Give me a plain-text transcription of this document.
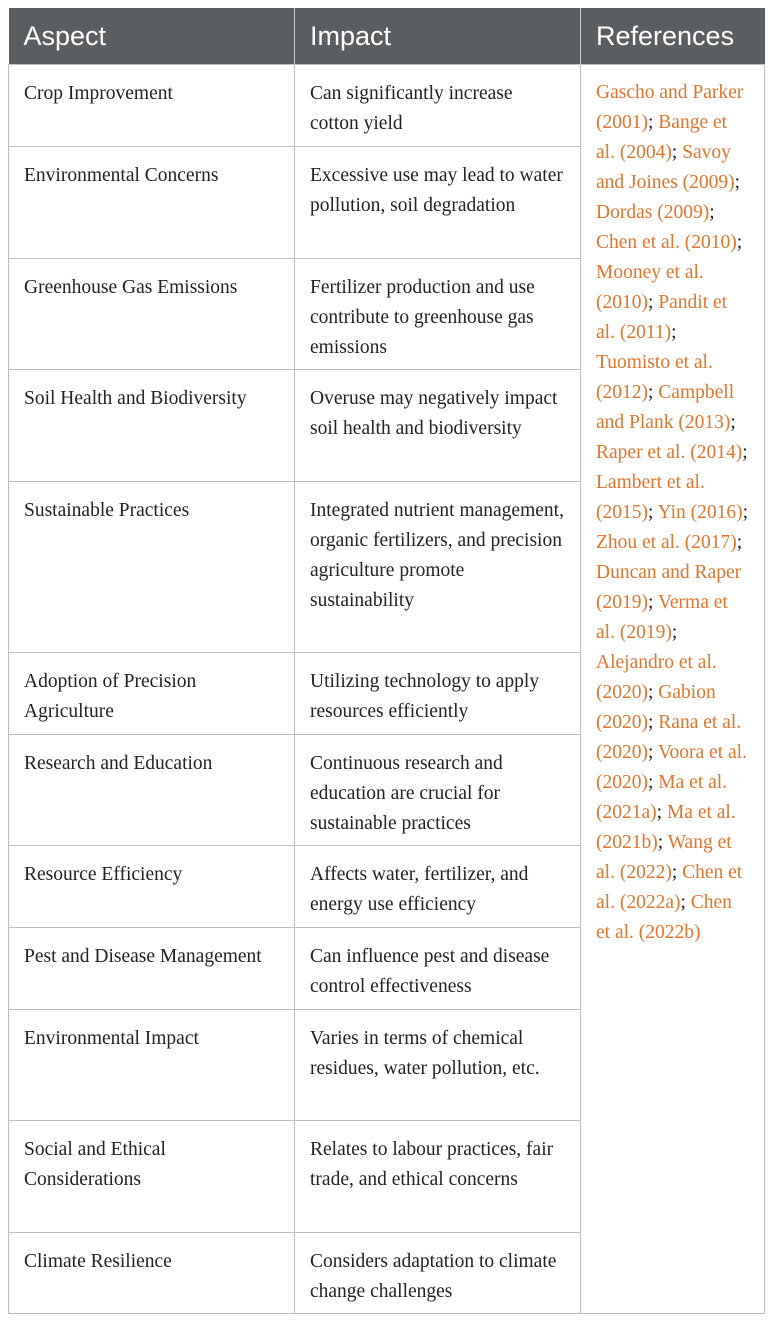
Aspect	Impact	References
Crop Improvement	Can significantly increase cotton yield	Gascho and Parker (2001); Bange et al. (2004); Savoy and Joines (2009); Dordas (2009); Chen et al. (2010); Mooney et al. (2010); Pandit et al. (2011); Tuomisto et al. (2012); Campbell and Plank (2013); Raper et al. (2014); Lambert et al. (2015); Yin (2016); Zhou et al. (2017); Duncan and Raper (2019); Verma et al. (2019); Alejandro et al. (2020); Gabion (2020); Rana et al. (2020); Voora et al. (2020); Ma et al. (2021a); Ma et al. (2021b); Wang et al. (2022); Chen et al. (2022a); Chen et al. (2022b)
Environmental Concerns	Excessive use may lead to water pollution, soil degradation	
Greenhouse Gas Emissions	Fertilizer production and use contribute to greenhouse gas emissions	
Soil Health and Biodiversity	Overuse may negatively impact soil health and biodiversity	
Sustainable Practices	Integrated nutrient management, organic fertilizers, and precision agriculture promote sustainability	
Adoption of Precision Agriculture	Utilizing technology to apply resources efficiently	
Research and Education	Continuous research and education are crucial for sustainable practices	
Resource Efficiency	Affects water, fertilizer, and energy use efficiency	
Pest and Disease Management	Can influence pest and disease control effectiveness	
Environmental Impact	Varies in terms of chemical residues, water pollution, etc.	
Social and Ethical Considerations	Relates to labour practices, fair trade, and ethical concerns	
Climate Resilience	Considers adaptation to climate change challenges	
